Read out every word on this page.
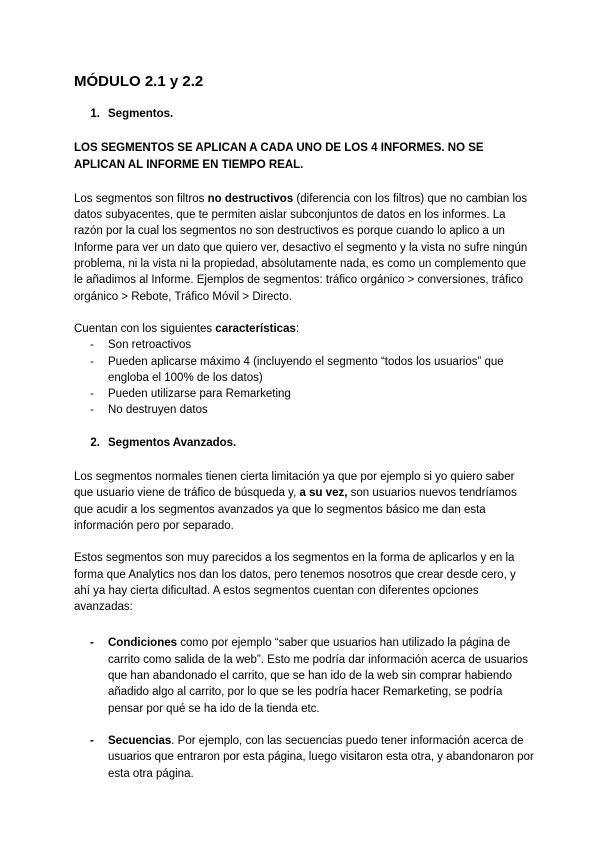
MÓDULO 2.1 y 2.2
1. Segmentos.
LOS SEGMENTOS SE APLICAN A CADA UNO DE LOS 4 INFORMES. NO SE APLICAN AL INFORME EN TIEMPO REAL.

Los segmentos son filtros no destructivos (diferencia con los filtros) que no cambian los datos subyacentes, que te permiten aislar subconjuntos de datos en los informes. La razón por la cual los segmentos no son destructivos es porque cuando lo aplico a un Informe para ver un dato que quiero ver, desactivo el segmento y la vista no sufre ningún problema, ni la vista ni la propiedad, absolutamente nada, es como un complemento que le añadimos al Informe. Ejemplos de segmentos: tráfico orgánico > conversiones, tráfico orgánico > Rebote, Tráfico Móvil > Directo.

Cuentan con los siguientes características:
-	Son retroactivos
-	Pueden aplicarse máximo 4 (incluyendo el segmento “todos los usuarios” que engloba el 100% de los datos)
-	Pueden utilizarse para Remarketing
-	No destruyen datos
2. Segmentos Avanzados.

Los segmentos normales tienen cierta limitación ya que por ejemplo si yo quiero saber que usuario viene de tráfico de búsqueda y, a su vez, son usuarios nuevos tendríamos que acudir a los segmentos avanzados ya que lo segmentos básico me dan esta información pero por separado.

Estos segmentos son muy parecidos a los segmentos en la forma de aplicarlos y en la forma que Analytics nos dan los datos, pero tenemos nosotros que crear desde cero, y ahí ya hay cierta dificultad. A estos segmentos cuentan con diferentes opciones avanzadas:

-	Condiciones como por ejemplo “saber que usuarios han utilizado la página de carrito como salida de la web”. Esto me podría dar información acerca de usuarios que han abandonado el carrito, que se han ido de la web sin comprar habiendo añadido algo al carrito, por lo que se les podría hacer Remarketing, se podría pensar por qué se ha ido de la tienda etc.
-	Secuencias. Por ejemplo, con las secuencias puedo tener información acerca de usuarios que entraron por esta página, luego visitaron esta otra, y abandonaron por esta otra página.
